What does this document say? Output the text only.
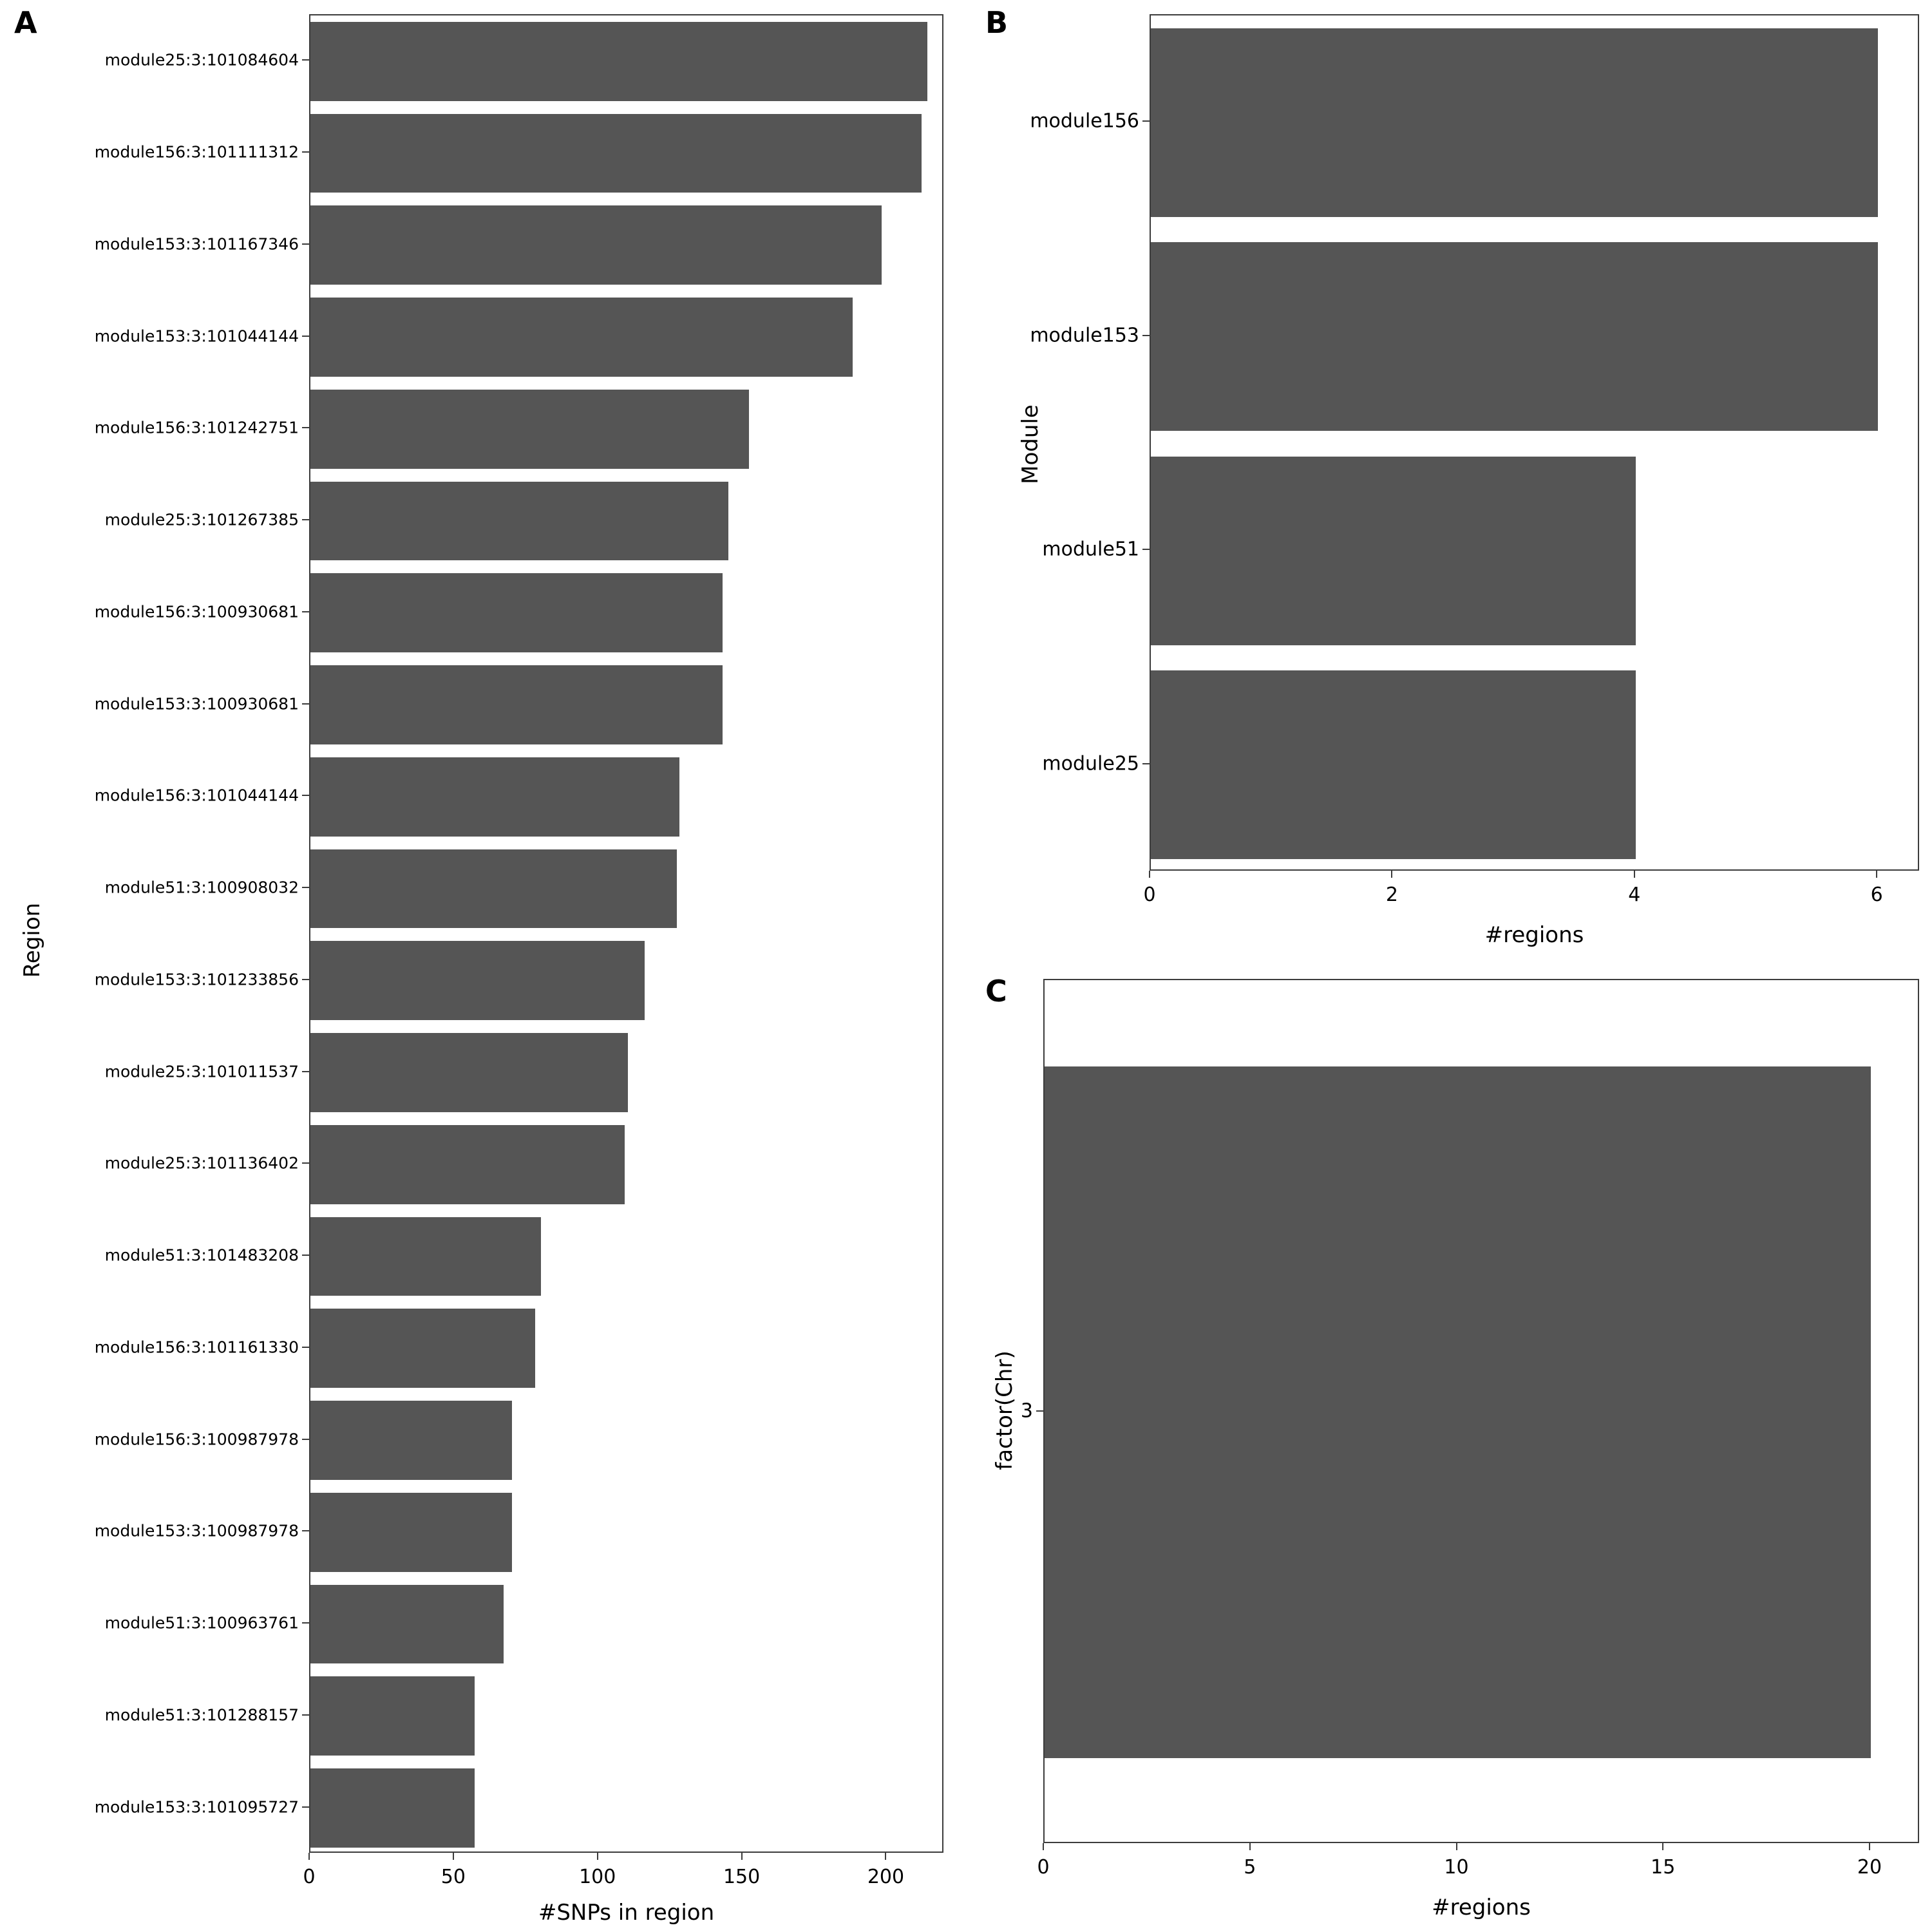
A
module25:3:101084604
module156:3:101111312
module153:3:101167346
module153:3:101044144
module156:3:101242751
module25:3:101267385
module156:3:100930681
module153:3:100930681
module156:3:101044144
module51:3:100908032
module153:3:101233856
module25:3:101011537
module25:3:101136402
module51:3:101483208
module156:3:101161330
module156:3:100987978
module153:3:100987978
module51:3:100963761
module51:3:101288157
module153:3:101095727
0	50	100	150	200
#SNPs in region
Region
B
module156
module153
module51
module25
0	2	4	6
#regions
Module
C
3
0	5	10	15	20
#regions
factor(Chr)
